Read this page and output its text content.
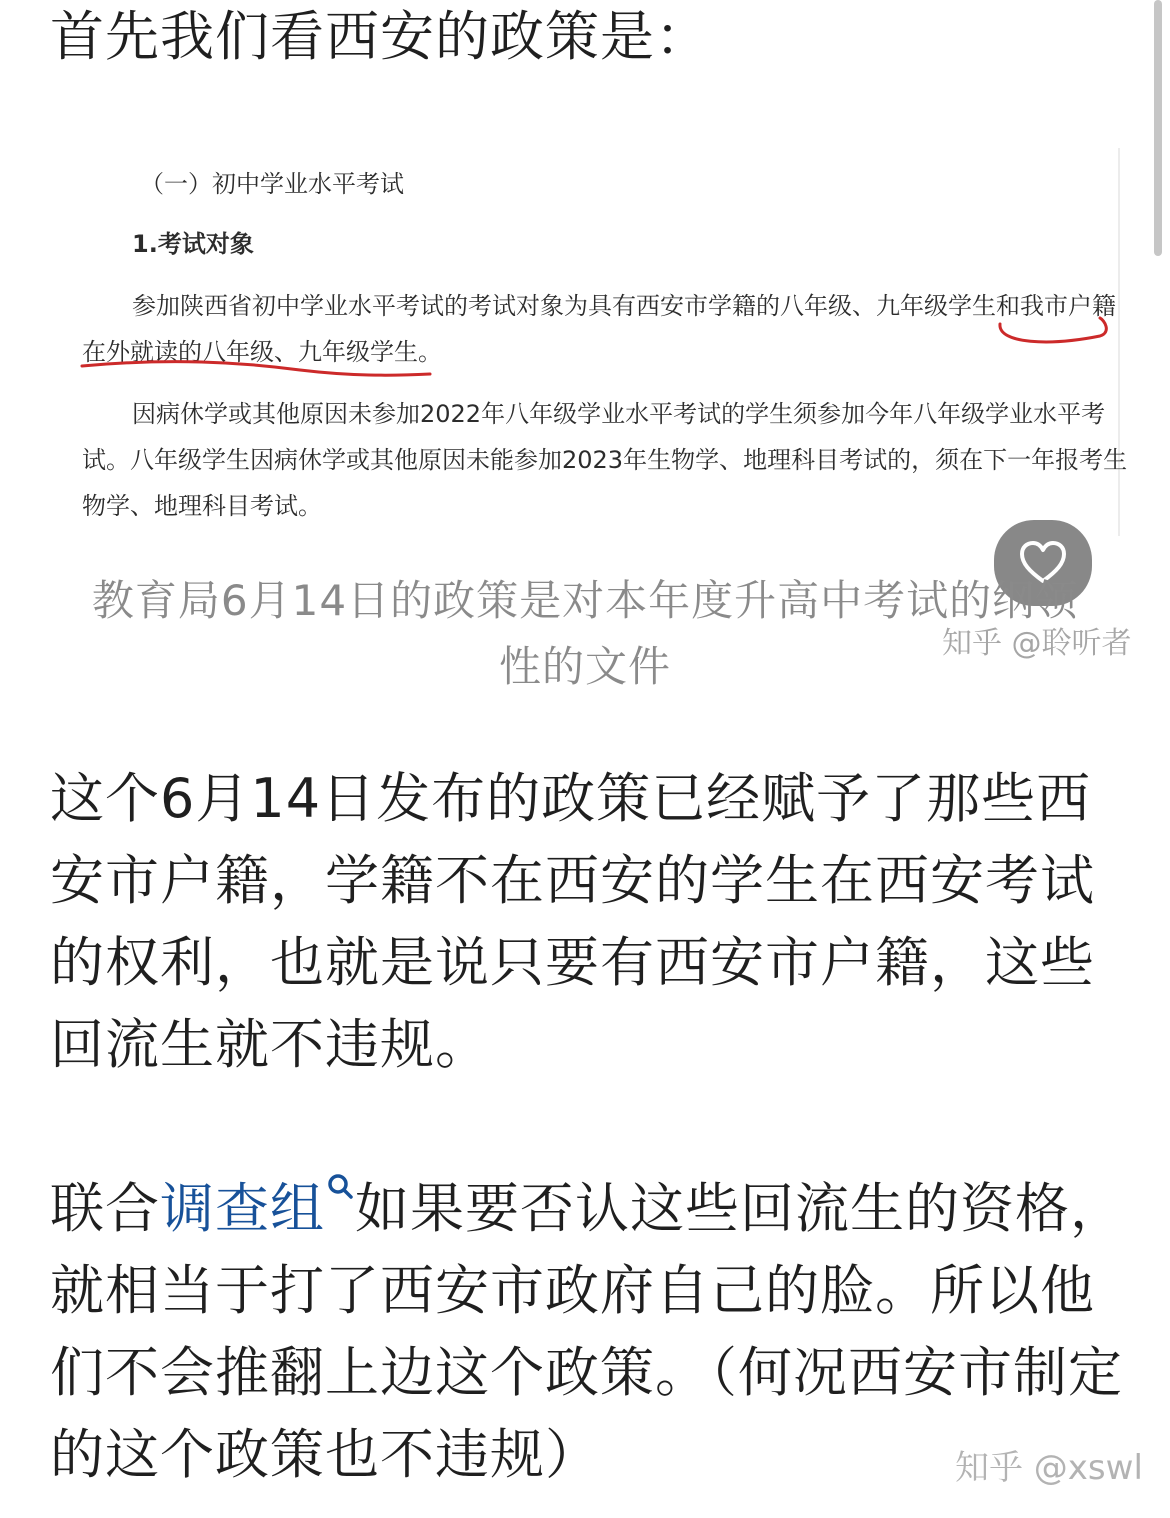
首先我们看西安的政策是：

（一）初中学业水平考试

1.考试对象

参加陕西省初中学业水平考试的考试对象为具有西安市学籍的八年级、九年级学生和我市户籍

在外就读的八年级、九年级学生。

因病休学或其他原因未参加2022年八年级学业水平考试的学生须参加今年八年级学业水平考

试。八年级学生因病休学或其他原因未能参加2023年生物学、地理科目考试的，须在下一年报考生

物学、地理科目考试。

知乎 @聆听者

教育局6月14日的政策是对本年度升高中考试的纲领性的文件

这个6月14日发布的政策已经赋予了那些西安市户籍，学籍不在西安的学生在西安考试的权利，也就是说只要有西安市户籍，这些回流生就不违规。

联合调查组 如果要否认这些回流生的资格，就相当于打了西安市政府自己的脸。所以他们不会推翻上边这个政策。（何况西安市制定的这个政策也不违规）	知乎 @xswl
